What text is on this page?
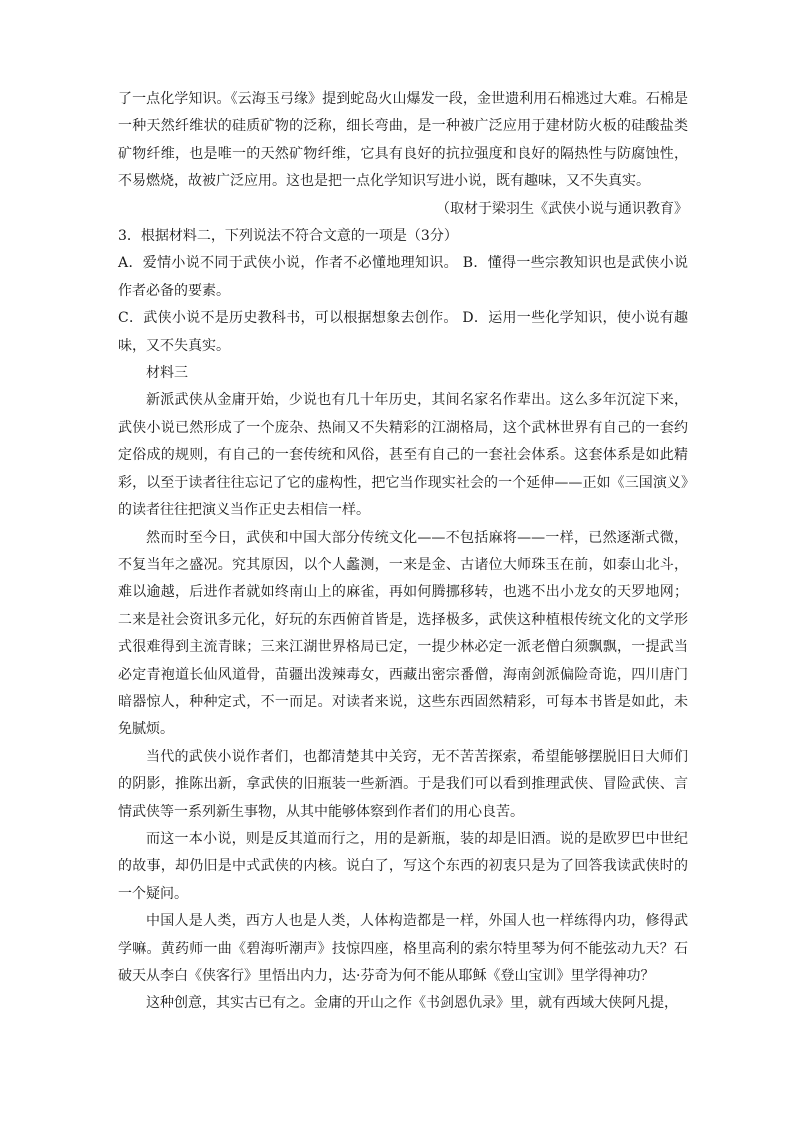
了一点化学知识。《云海玉弓缘》提到蛇岛火山爆发一段，金世遗利用石棉逃过大难。石棉是一种天然纤维状的硅质矿物的泛称，细长弯曲，是一种被广泛应用于建材防火板的硅酸盐类矿物纤维，也是唯一的天然矿物纤维，它具有良好的抗拉强度和良好的隔热性与防腐蚀性，不易燃烧，故被广泛应用。这也是把一点化学知识写进小说，既有趣味，又不失真实。

（取材于梁羽生《武侠小说与通识教育》

3．根据材料二，下列说法不符合文意的一项是（3分）

A．爱情小说不同于武侠小说，作者不必懂地理知识。 B．懂得一些宗教知识也是武侠小说作者必备的要素。

C．武侠小说不是历史教科书，可以根据想象去创作。 D．运用一些化学知识，使小说有趣味，又不失真实。

材料三

新派武侠从金庸开始，少说也有几十年历史，其间名家名作辈出。这么多年沉淀下来，武侠小说已然形成了一个庞杂、热闹又不失精彩的江湖格局，这个武林世界有自己的一套约定俗成的规则，有自己的一套传统和风俗，甚至有自己的一套社会体系。这套体系是如此精彩，以至于读者往往忘记了它的虚构性，把它当作现实社会的一个延伸——正如《三国演义》的读者往往把演义当作正史去相信一样。

然而时至今日，武侠和中国大部分传统文化——不包括麻将——一样，已然逐渐式微，不复当年之盛况。究其原因，以个人蠡测，一来是金、古诸位大师珠玉在前，如泰山北斗，难以逾越，后进作者就如终南山上的麻雀，再如何腾挪移转，也逃不出小龙女的天罗地网；二来是社会资讯多元化，好玩的东西俯首皆是，选择极多，武侠这种植根传统文化的文学形式很难得到主流青睐；三来江湖世界格局已定，一提少林必定一派老僧白须飘飘，一提武当必定青袍道长仙风道骨，苗疆出泼辣毒女，西藏出密宗番僧，海南剑派偏险奇诡，四川唐门暗器惊人，种种定式，不一而足。对读者来说，这些东西固然精彩，可每本书皆是如此，未免腻烦。

当代的武侠小说作者们，也都清楚其中关窍，无不苦苦探索，希望能够摆脱旧日大师们的阴影，推陈出新，拿武侠的旧瓶装一些新酒。于是我们可以看到推理武侠、冒险武侠、言情武侠等一系列新生事物，从其中能够体察到作者们的用心良苦。

而这一本小说，则是反其道而行之，用的是新瓶，装的却是旧酒。说的是欧罗巴中世纪的故事，却仍旧是中式武侠的内核。说白了，写这个东西的初衷只是为了回答我读武侠时的一个疑问。

中国人是人类，西方人也是人类，人体构造都是一样，外国人也一样练得内功，修得武学嘛。黄药师一曲《碧海听潮声》技惊四座，格里高利的索尔特里琴为何不能弦动九天？石破天从李白《侠客行》里悟出内力，达·芬奇为何不能从耶稣《登山宝训》里学得神功？

这种创意，其实古已有之。金庸的开山之作《书剑恩仇录》里，就有西域大侠阿凡提，
